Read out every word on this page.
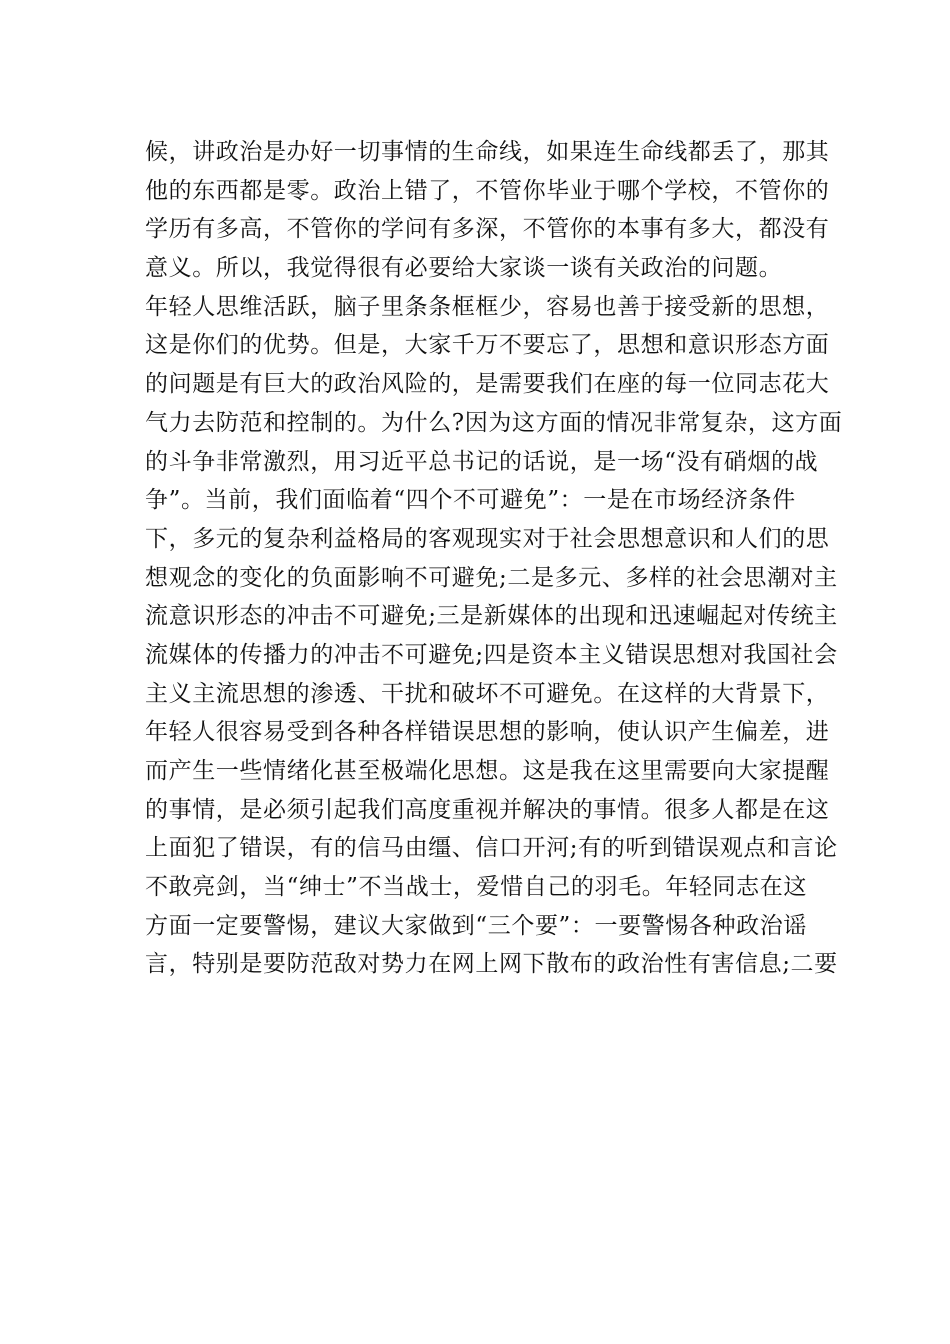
候，讲政治是办好一切事情的生命线，如果连生命线都丢了，那其
他的东西都是零。政治上错了，不管你毕业于哪个学校，不管你的
学历有多高，不管你的学问有多深，不管你的本事有多大，都没有
意义。所以，我觉得很有必要给大家谈一谈有关政治的问题。
年轻人思维活跃，脑子里条条框框少，容易也善于接受新的思想，
这是你们的优势。但是，大家千万不要忘了，思想和意识形态方面
的问题是有巨大的政治风险的，是需要我们在座的每一位同志花大
气力去防范和控制的。为什么?因为这方面的情况非常复杂，这方面
的斗争非常激烈，用习近平总书记的话说，是一场“没有硝烟的战
争”。当前，我们面临着“四个不可避免”：一是在市场经济条件
下，多元的复杂利益格局的客观现实对于社会思想意识和人们的思
想观念的变化的负面影响不可避免;二是多元、多样的社会思潮对主
流意识形态的冲击不可避免;三是新媒体的出现和迅速崛起对传统主
流媒体的传播力的冲击不可避免;四是资本主义错误思想对我国社会
主义主流思想的渗透、干扰和破坏不可避免。在这样的大背景下，
年轻人很容易受到各种各样错误思想的影响，使认识产生偏差，进
而产生一些情绪化甚至极端化思想。这是我在这里需要向大家提醒
的事情，是必须引起我们高度重视并解决的事情。很多人都是在这
上面犯了错误，有的信马由缰、信口开河;有的听到错误观点和言论
不敢亮剑，当“绅士”不当战士，爱惜自己的羽毛。年轻同志在这
方面一定要警惕，建议大家做到“三个要”：一要警惕各种政治谣
言，特别是要防范敌对势力在网上网下散布的政治性有害信息;二要
